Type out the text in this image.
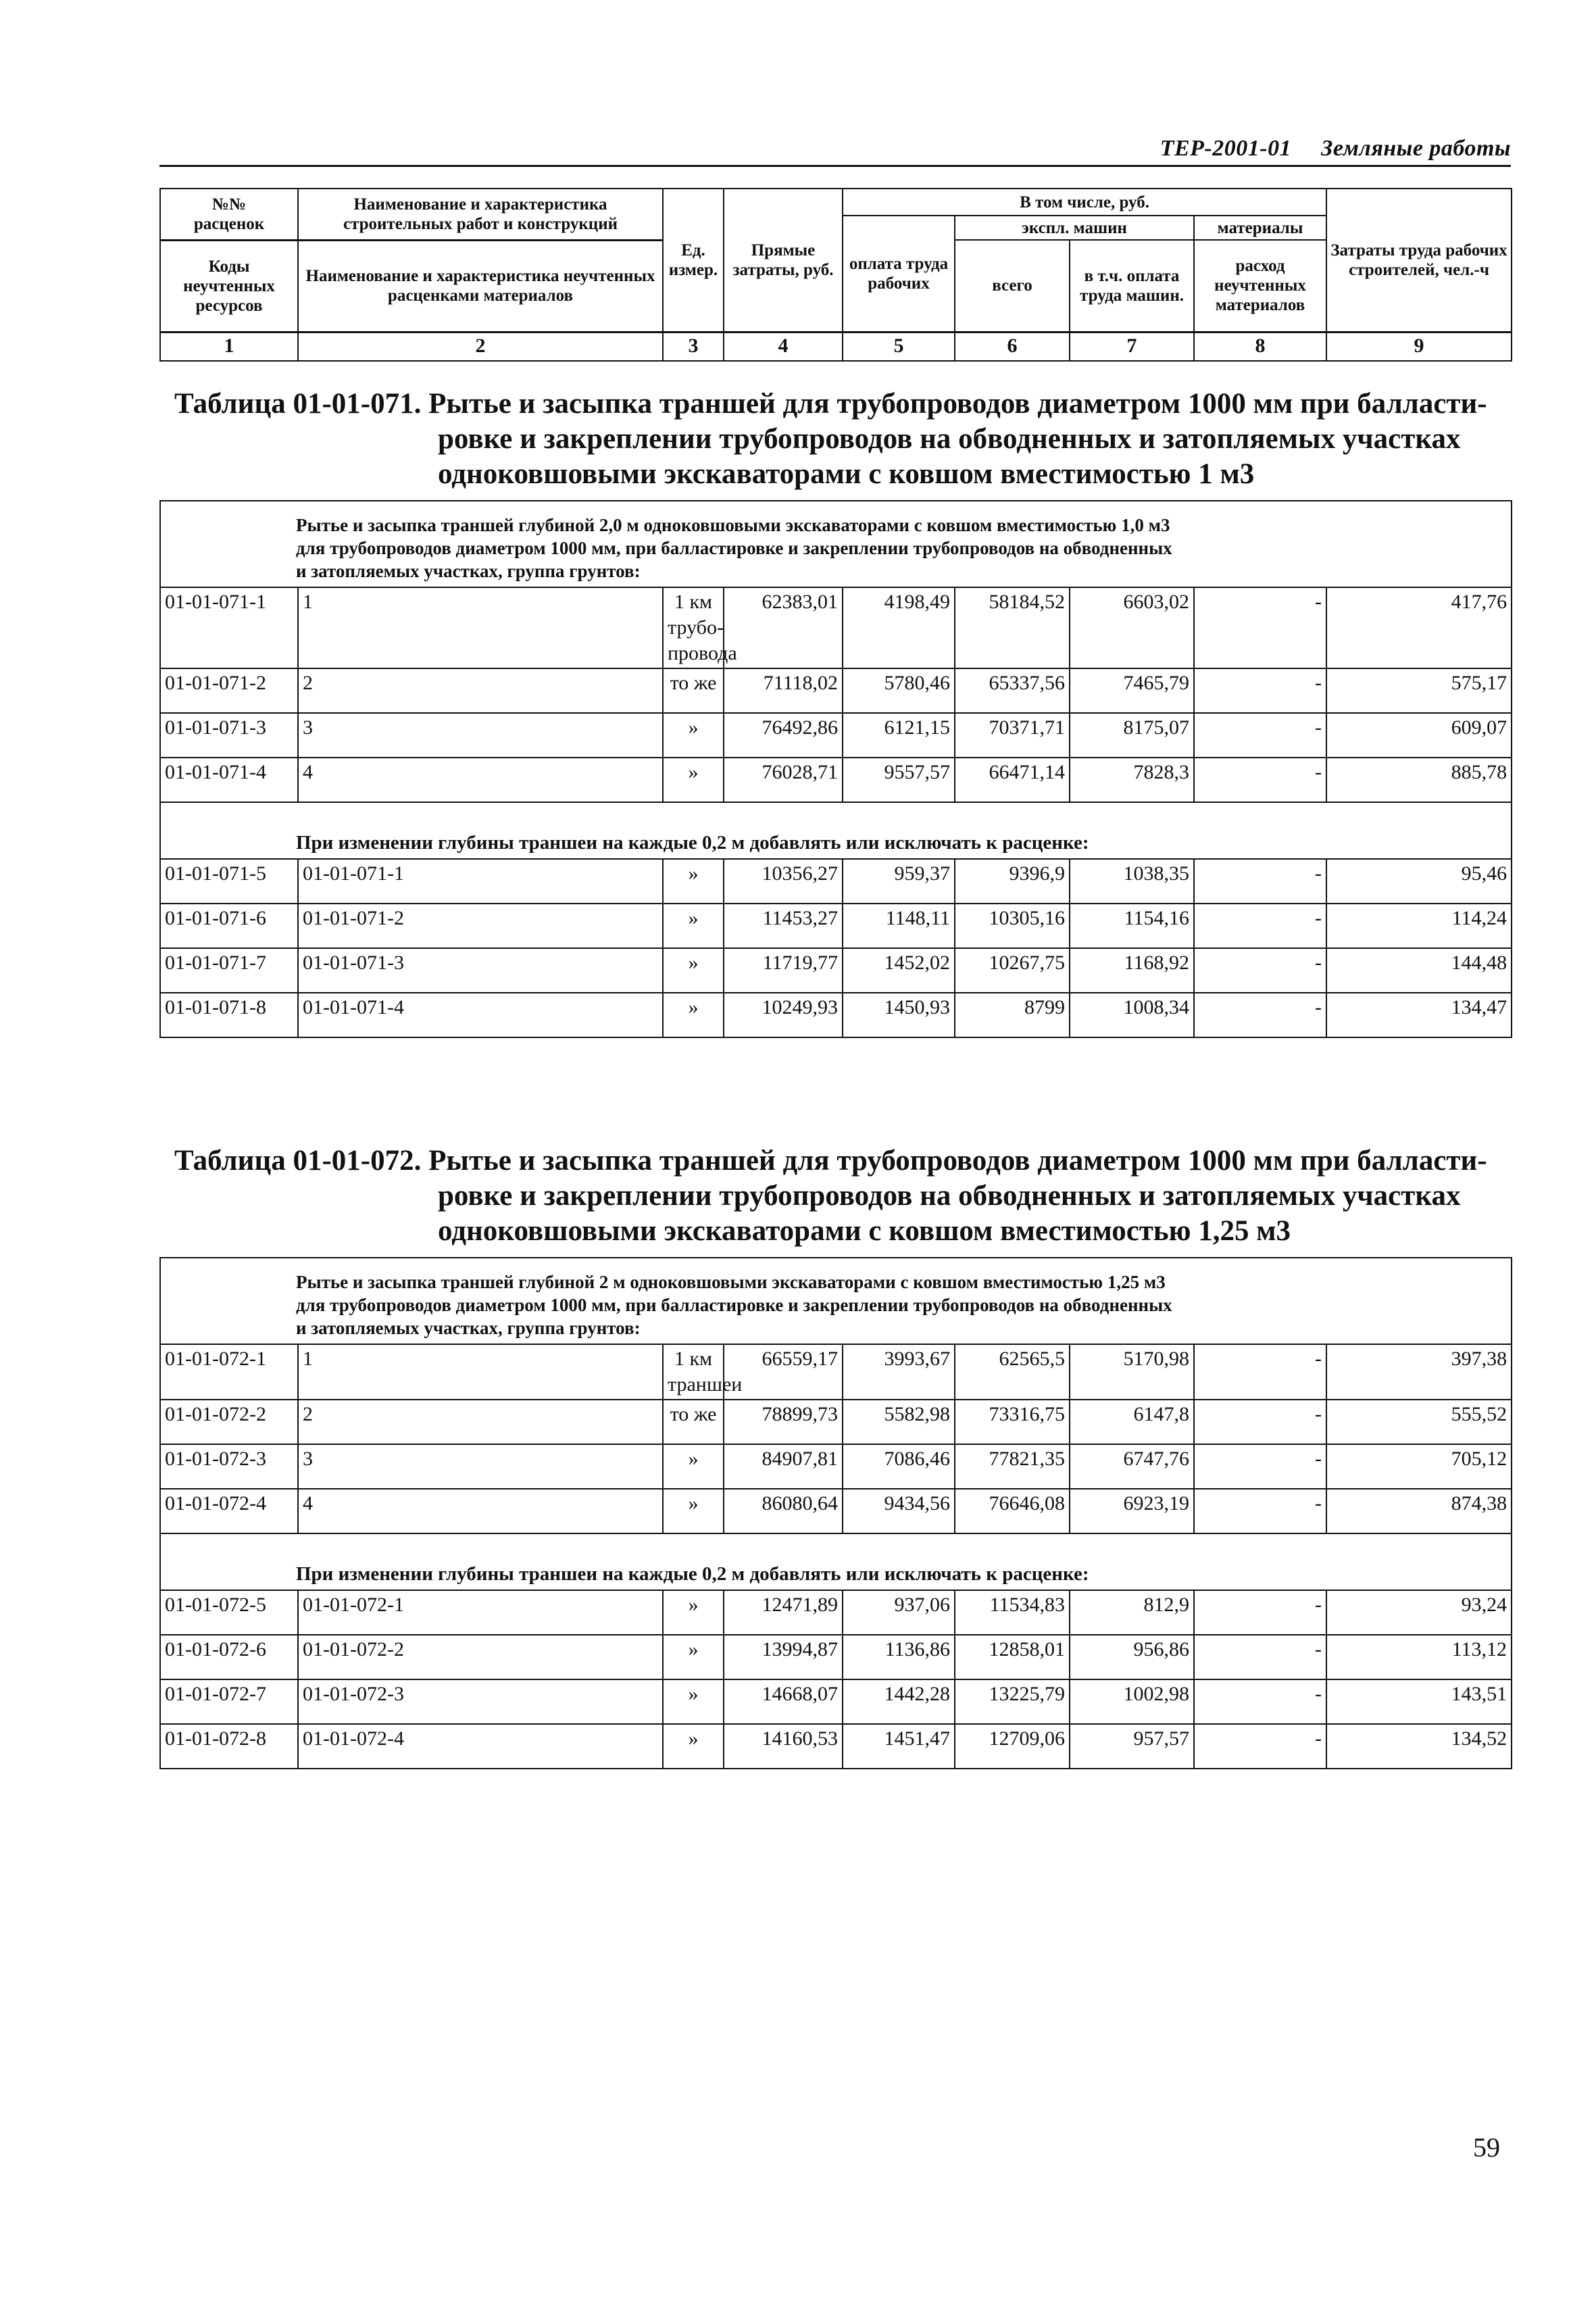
ТЕР-2001-01 Земляные работы
№№
расценок	Наименование и характеристика строительных работ и конструкций	Ед. измер.	Прямые затраты, руб.	В том числе, руб.				Затраты труда рабочих строителей, чел.-ч
				оплата труда рабочих	экспл. машин		материалы	
Коды неучтенных ресурсов	Наименование и характеристика неучтенных расценками материалов				всего	в т.ч. оплата труда машин.	расход неучтенных материалов	

1	2	3	4	5	6	7	8	9
Таблица 01-01-071. Рытье и засыпка траншей для трубопроводов диаметром 1000 мм при балласти-
ровке и закреплении трубопроводов на обводненных и затопляемых участках
одноковшовыми экскаваторами с ковшом вместимостью 1 м3
Рытье и засыпка траншей глубиной 2,0 м одноковшовыми экскаваторами с ковшом вместимостью 1,0 м3
для трубопроводов диаметром 1000 мм, при балластировке и закреплении трубопроводов на обводненных
и затопляемых участках, группа грунтов:								
01-01-071-1	1	1 км трубо-провода	62383,01	4198,49	58184,52	6603,02	-	417,76
01-01-071-2	2	то же	71118,02	5780,46	65337,56	7465,79	-	575,17
01-01-071-3	3	»	76492,86	6121,15	70371,71	8175,07	-	609,07
01-01-071-4	4	»	76028,71	9557,57	66471,14	7828,3	-	885,78
При изменении глубины траншеи на каждые 0,2 м добавлять или исключать к расценке:								
01-01-071-5	01-01-071-1	»	10356,27	959,37	9396,9	1038,35	-	95,46
01-01-071-6	01-01-071-2	»	11453,27	1148,11	10305,16	1154,16	-	114,24
01-01-071-7	01-01-071-3	»	11719,77	1452,02	10267,75	1168,92	-	144,48
01-01-071-8	01-01-071-4	»	10249,93	1450,93	8799	1008,34	-	134,47
Таблица 01-01-072. Рытье и засыпка траншей для трубопроводов диаметром 1000 мм при балласти-
ровке и закреплении трубопроводов на обводненных и затопляемых участках
одноковшовыми экскаваторами с ковшом вместимостью 1,25 м3
Рытье и засыпка траншей глубиной 2 м одноковшовыми экскаваторами с ковшом вместимостью 1,25 м3
для трубопроводов диаметром 1000 мм, при балластировке и закреплении трубопроводов на обводненных
и затопляемых участках, группа грунтов:								
01-01-072-1	1	1 км траншеи	66559,17	3993,67	62565,5	5170,98	-	397,38
01-01-072-2	2	то же	78899,73	5582,98	73316,75	6147,8	-	555,52
01-01-072-3	3	»	84907,81	7086,46	77821,35	6747,76	-	705,12
01-01-072-4	4	»	86080,64	9434,56	76646,08	6923,19	-	874,38
При изменении глубины траншеи на каждые 0,2 м добавлять или исключать к расценке:								
01-01-072-5	01-01-072-1	»	12471,89	937,06	11534,83	812,9	-	93,24
01-01-072-6	01-01-072-2	»	13994,87	1136,86	12858,01	956,86	-	113,12
01-01-072-7	01-01-072-3	»	14668,07	1442,28	13225,79	1002,98	-	143,51
01-01-072-8	01-01-072-4	»	14160,53	1451,47	12709,06	957,57	-	134,52
59
